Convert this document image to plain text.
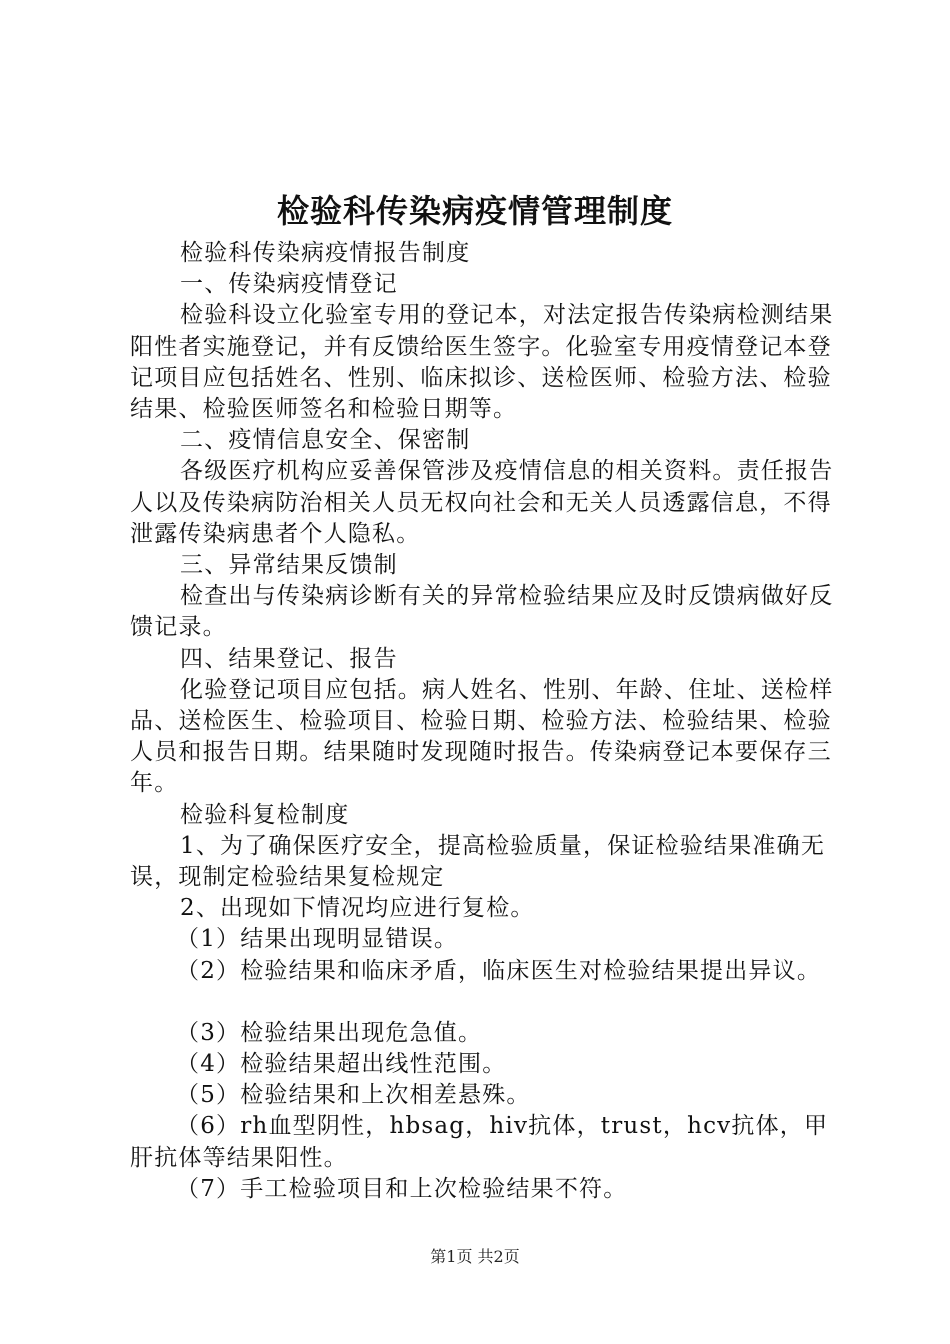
检验科传染病疫情管理制度

检验科传染病疫情报告制度

一、传染病疫情登记

检验科设立化验室专用的登记本，对法定报告传染病检测结果阳性者实施登记，并有反馈给医生签字。化验室专用疫情登记本登记项目应包括姓名、性别、临床拟诊、送检医师、检验方法、检验结果、检验医师签名和检验日期等。

二、疫情信息安全、保密制

各级医疗机构应妥善保管涉及疫情信息的相关资料。责任报告人以及传染病防治相关人员无权向社会和无关人员透露信息，不得泄露传染病患者个人隐私。

三、异常结果反馈制

检查出与传染病诊断有关的异常检验结果应及时反馈病做好反馈记录。

四、结果登记、报告

化验登记项目应包括。病人姓名、性别、年龄、住址、送检样品、送检医生、检验项目、检验日期、检验方法、检验结果、检验人员和报告日期。结果随时发现随时报告。传染病登记本要保存三年。

检验科复检制度

1、为了确保医疗安全，提高检验质量，保证检验结果准确无误，现制定检验结果复检规定

2、出现如下情况均应进行复检。

（1）结果出现明显错误。

（2）检验结果和临床矛盾，临床医生对检验结果提出异议。

（3）检验结果出现危急值。

（4）检验结果超出线性范围。

（5）检验结果和上次相差悬殊。

（6）rh血型阴性，hbsag，hiv抗体，trust，hcv抗体，甲肝抗体等结果阳性。

（7）手工检验项目和上次检验结果不符。

第1页 共2页
